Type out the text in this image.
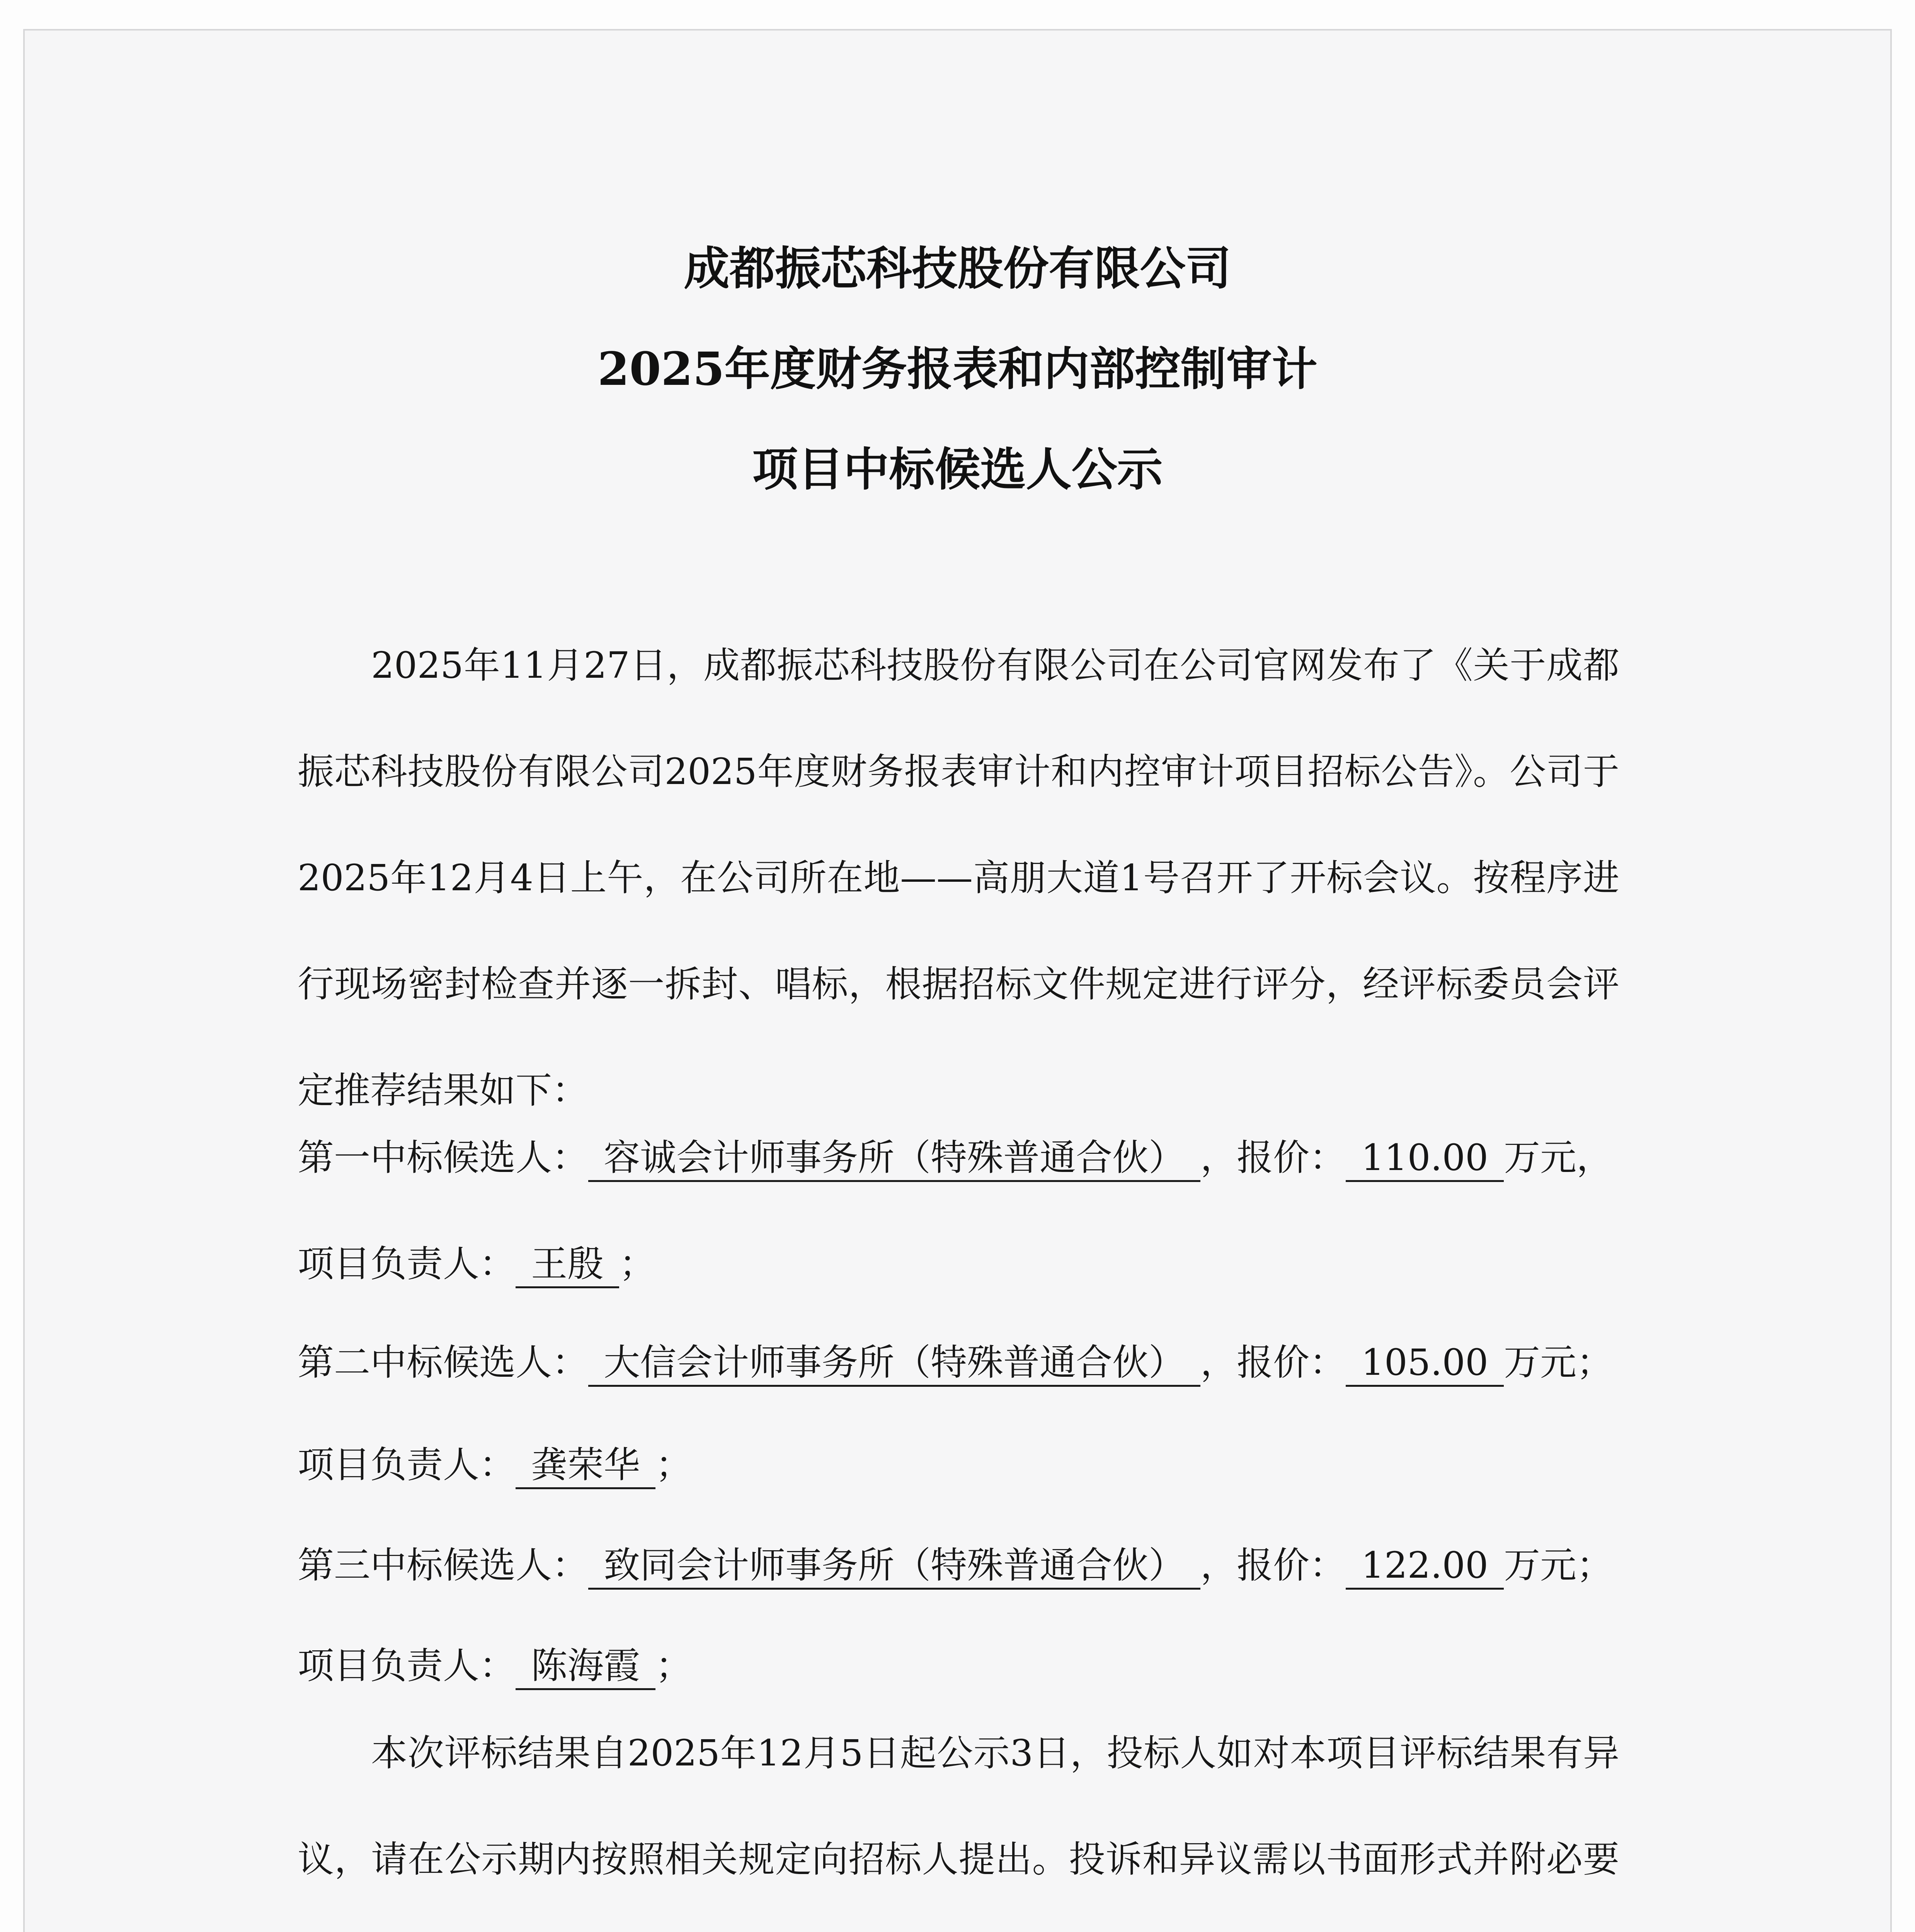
成都振芯科技股份有限公司
2025年度财务报表和内部控制审计
项目中标候选人公示

2025年11月27日，成都振芯科技股份有限公司在公司官网发布了《关于成都振芯科技股份有限公司2025年度财务报表审计和内控审计项目招标公告》。公司于2025年12月4日上午，在公司所在地——高朋大道1号召开了开标会议。按程序进行现场密封检查并逐一拆封、唱标，根据招标文件规定进行评分，经评标委员会评定推荐结果如下：

第一中标候选人： 容诚会计师事务所（特殊普通合伙） ，报价： 110.00 万元，
项目负责人： 王殷 ；
第二中标候选人： 大信会计师事务所（特殊普通合伙） ，报价： 105.00 万元；
项目负责人： 龚荣华 ；
第三中标候选人： 致同会计师事务所（特殊普通合伙） ，报价： 122.00 万元；
项目负责人： 陈海霞 ；

本次评标结果自2025年12月5日起公示3日，投标人如对本项目评标结果有异议，请在公示期内按照相关规定向招标人提出。投诉和异议需以书面形式并附必要
